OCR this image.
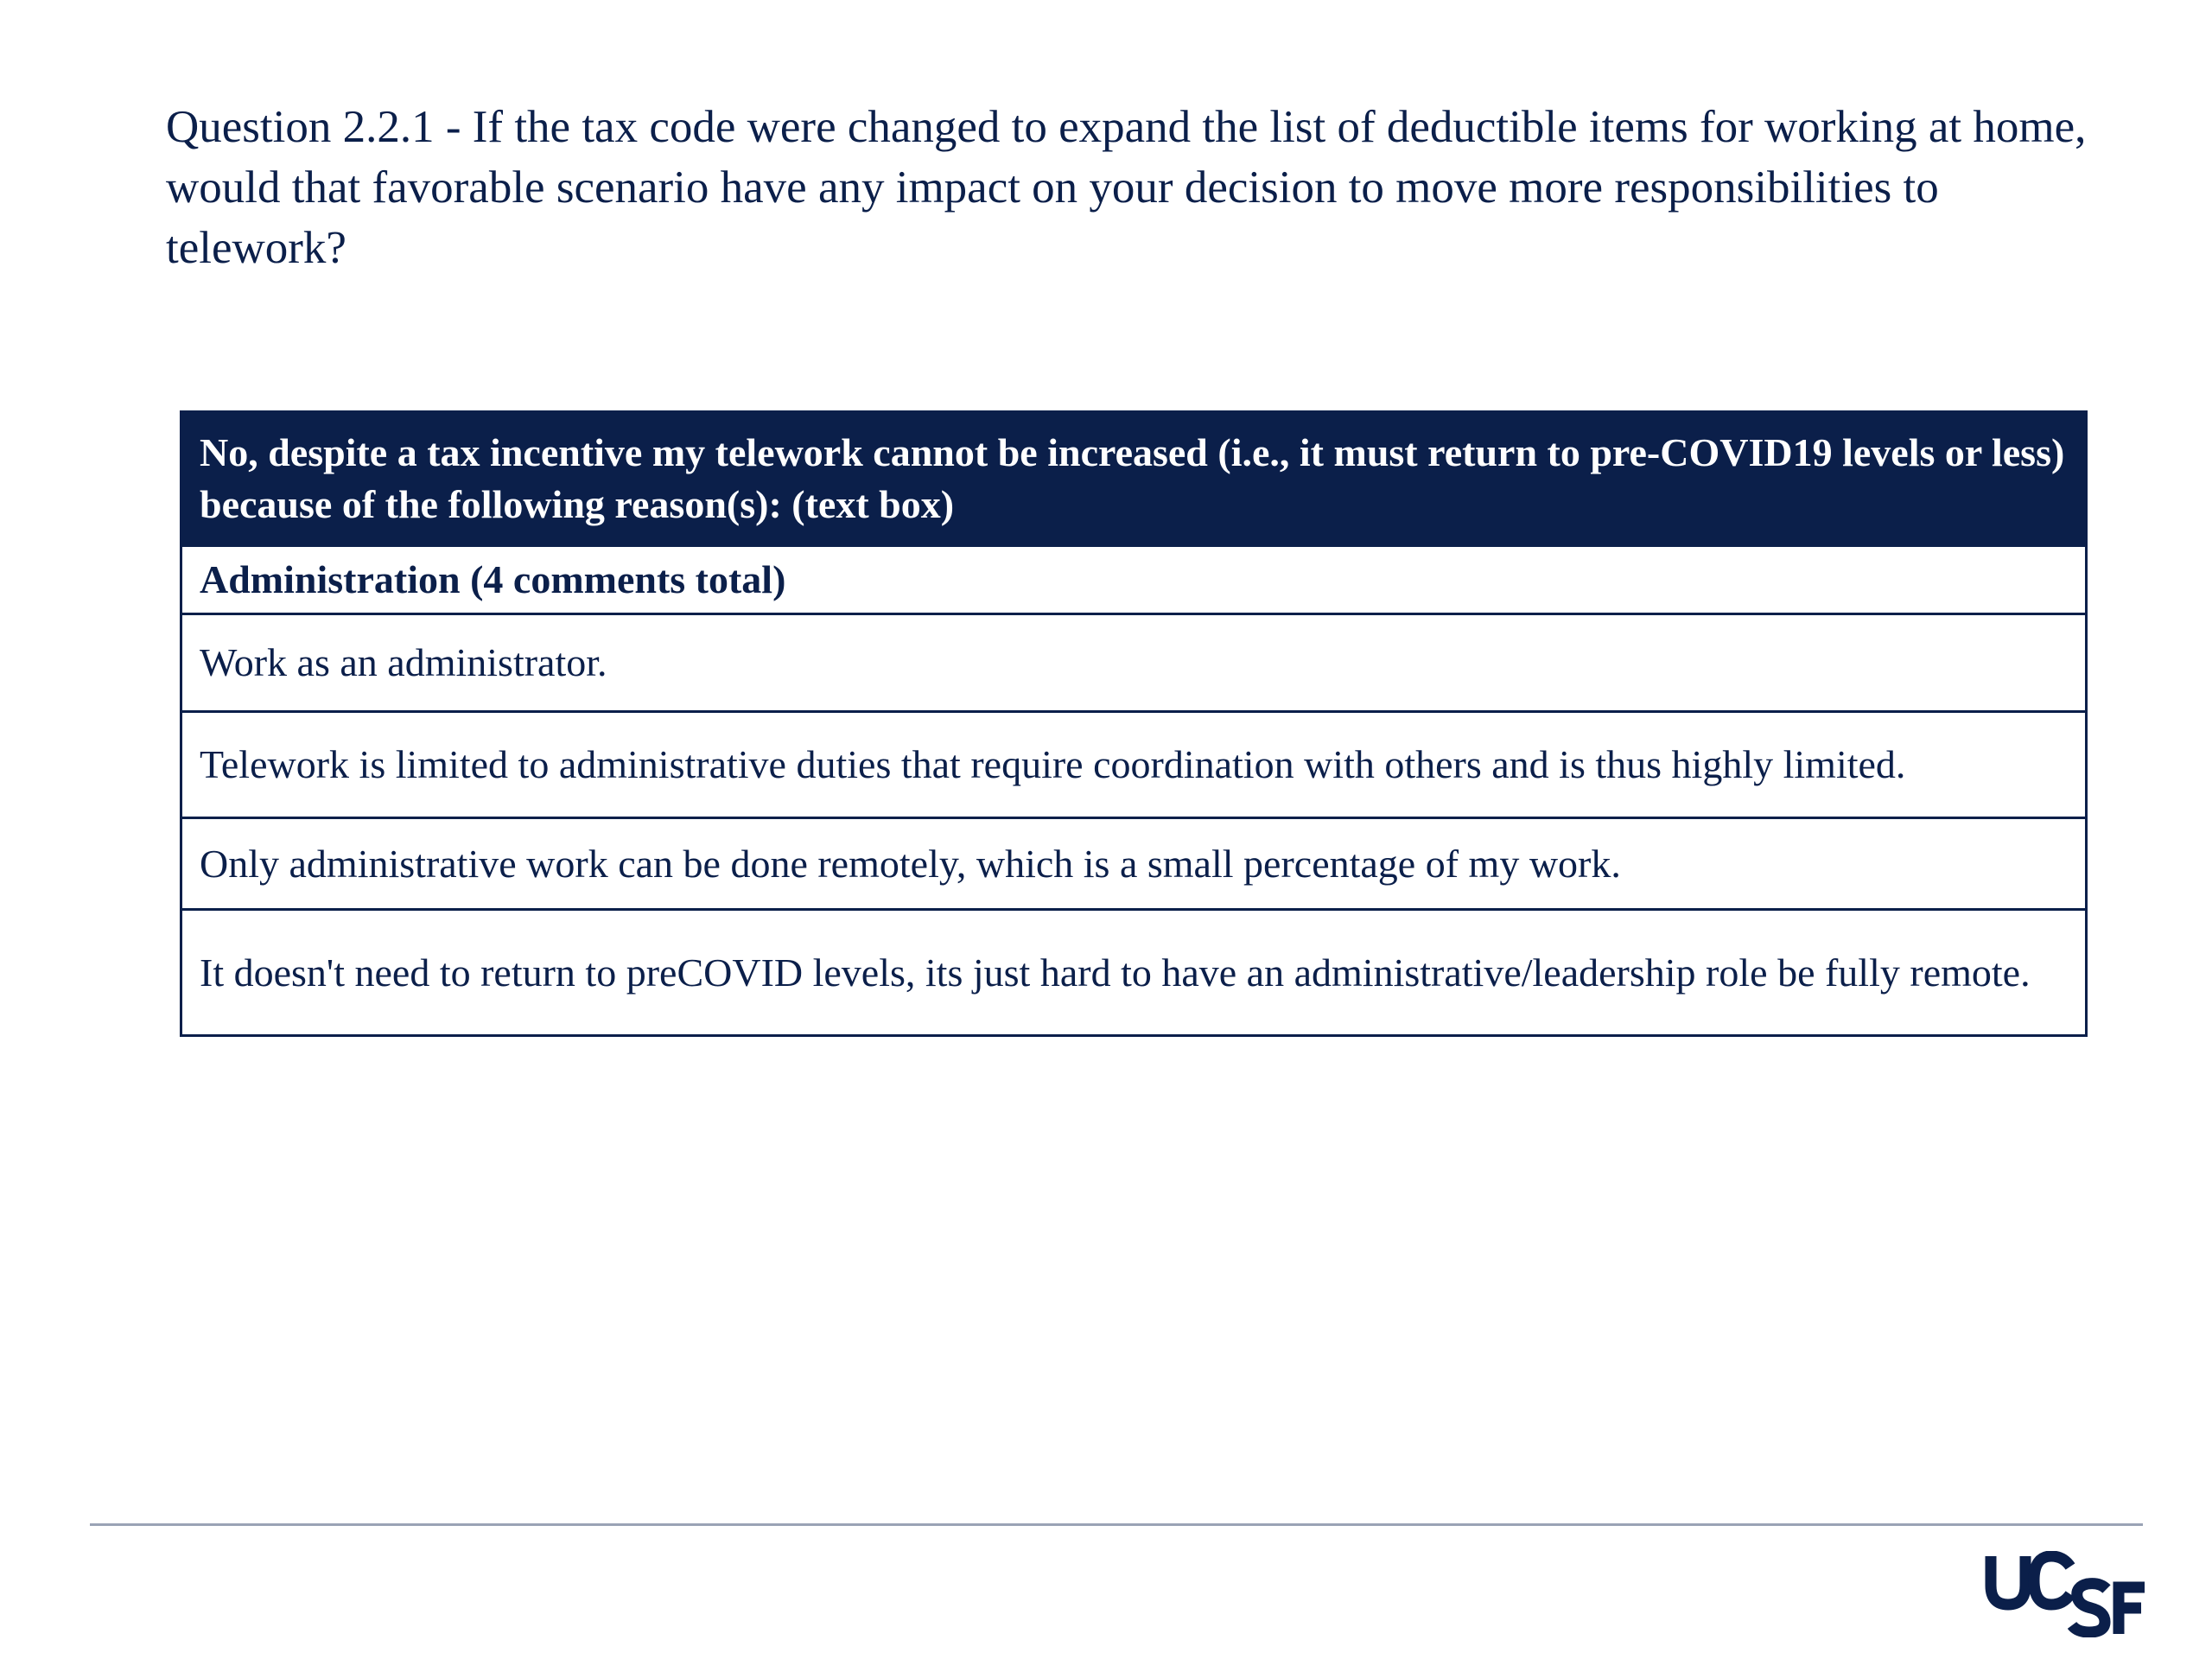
Question 2.2.1 - If the tax code were changed to expand the list of deductible items for working at home, would that favorable scenario have any impact on your decision to move more responsibilities to telework?

No, despite a tax incentive my telework cannot be increased (i.e., it must return to pre-COVID19 levels or less) because of the following reason(s): (text box)
Administration (4 comments total)
Work as an administrator.
Telework is limited to administrative duties that require coordination with others and is thus highly limited.
Only administrative work can be done remotely, which is a small percentage of my work.
It doesn't need to return to preCOVID levels, its just hard to have an administrative/leadership role be fully remote.
